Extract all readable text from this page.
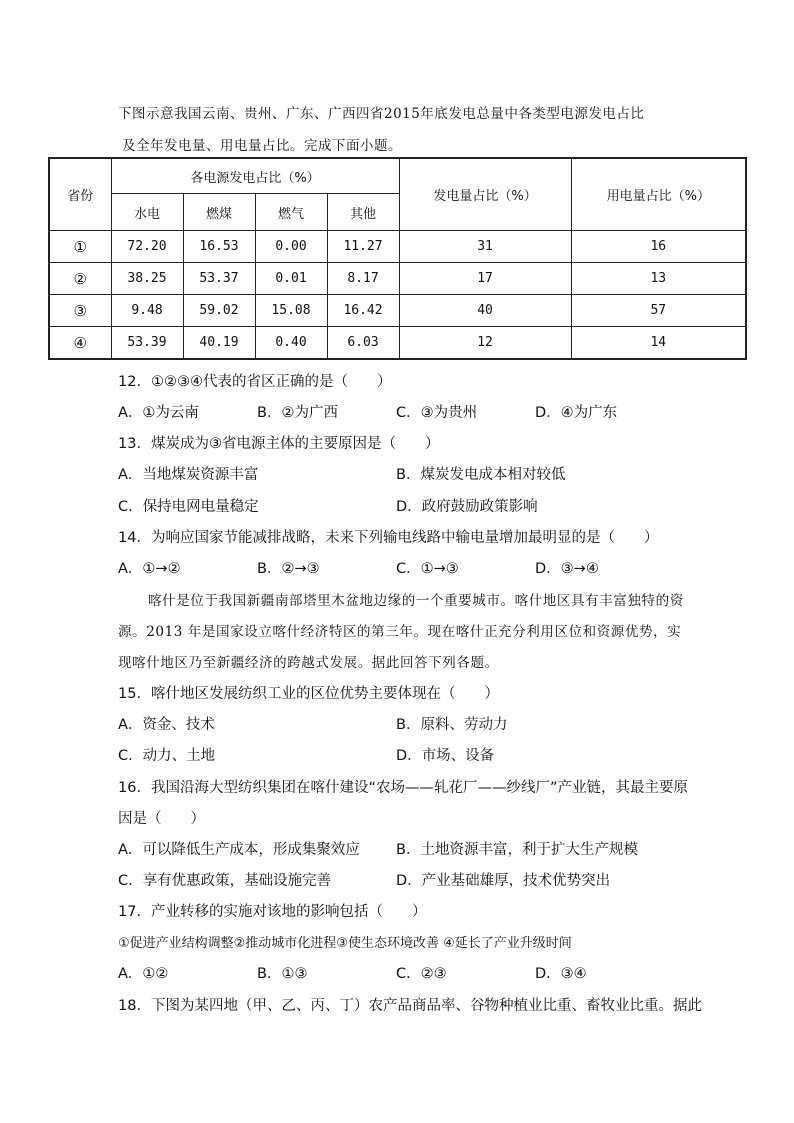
下图示意我国云南、贵州、广东、广西四省2015年底发电总量中各类型电源发电占比
及全年发电量、用电量占比。完成下面小题。
省份	各电源发电占比（%）				发电量占比（%）	用电量占比（%）
	水电	燃煤	燃气	其他		
①	72.20	16.53	0.00	11.27	31	16
②	38.25	53.37	0.01	8.17	17	13
③	9.48	59.02	15.08	16.42	40	57
④	53.39	40.19	0.40	6.03	12	14
12．①②③④代表的省区正确的是（　　）
A．①为云南	B．②为广西	C．③为贵州	D．④为广东
13．煤炭成为③省电源主体的主要原因是（　　）
A．当地煤炭资源丰富	B．煤炭发电成本相对较低
C．保持电网电量稳定	D．政府鼓励政策影响
14．为响应国家节能减排战略，未来下列输电线路中输电量增加最明显的是（　　）
A．①→②	B．②→③	C．①→③	D．③→④
喀什是位于我国新疆南部塔里木盆地边缘的一个重要城市。喀什地区具有丰富独特的资
源。2013 年是国家设立喀什经济特区的第三年。现在喀什正充分利用区位和资源优势，实
现喀什地区乃至新疆经济的跨越式发展。据此回答下列各题。
15．喀什地区发展纺织工业的区位优势主要体现在（　　）
A．资金、技术	B．原料、劳动力
C．动力、土地	D．市场、设备
16．我国沿海大型纺织集团在喀什建设“农场——轧花厂——纱线厂”产业链，其最主要原
因是（　　）
A．可以降低生产成本，形成集聚效应 B．土地资源丰富，利于扩大生产规模
C．享有优惠政策，基础设施完善	D．产业基础雄厚，技术优势突出
17．产业转移的实施对该地的影响包括（　　）
①促进产业结构调整②推动城市化进程③使生态环境改善 ④延长了产业升级时间
A．①②	B．①③	C．②③	D．③④
18．下图为某四地（甲、乙、丙、丁）农产品商品率、谷物种植业比重、畜牧业比重。据此
